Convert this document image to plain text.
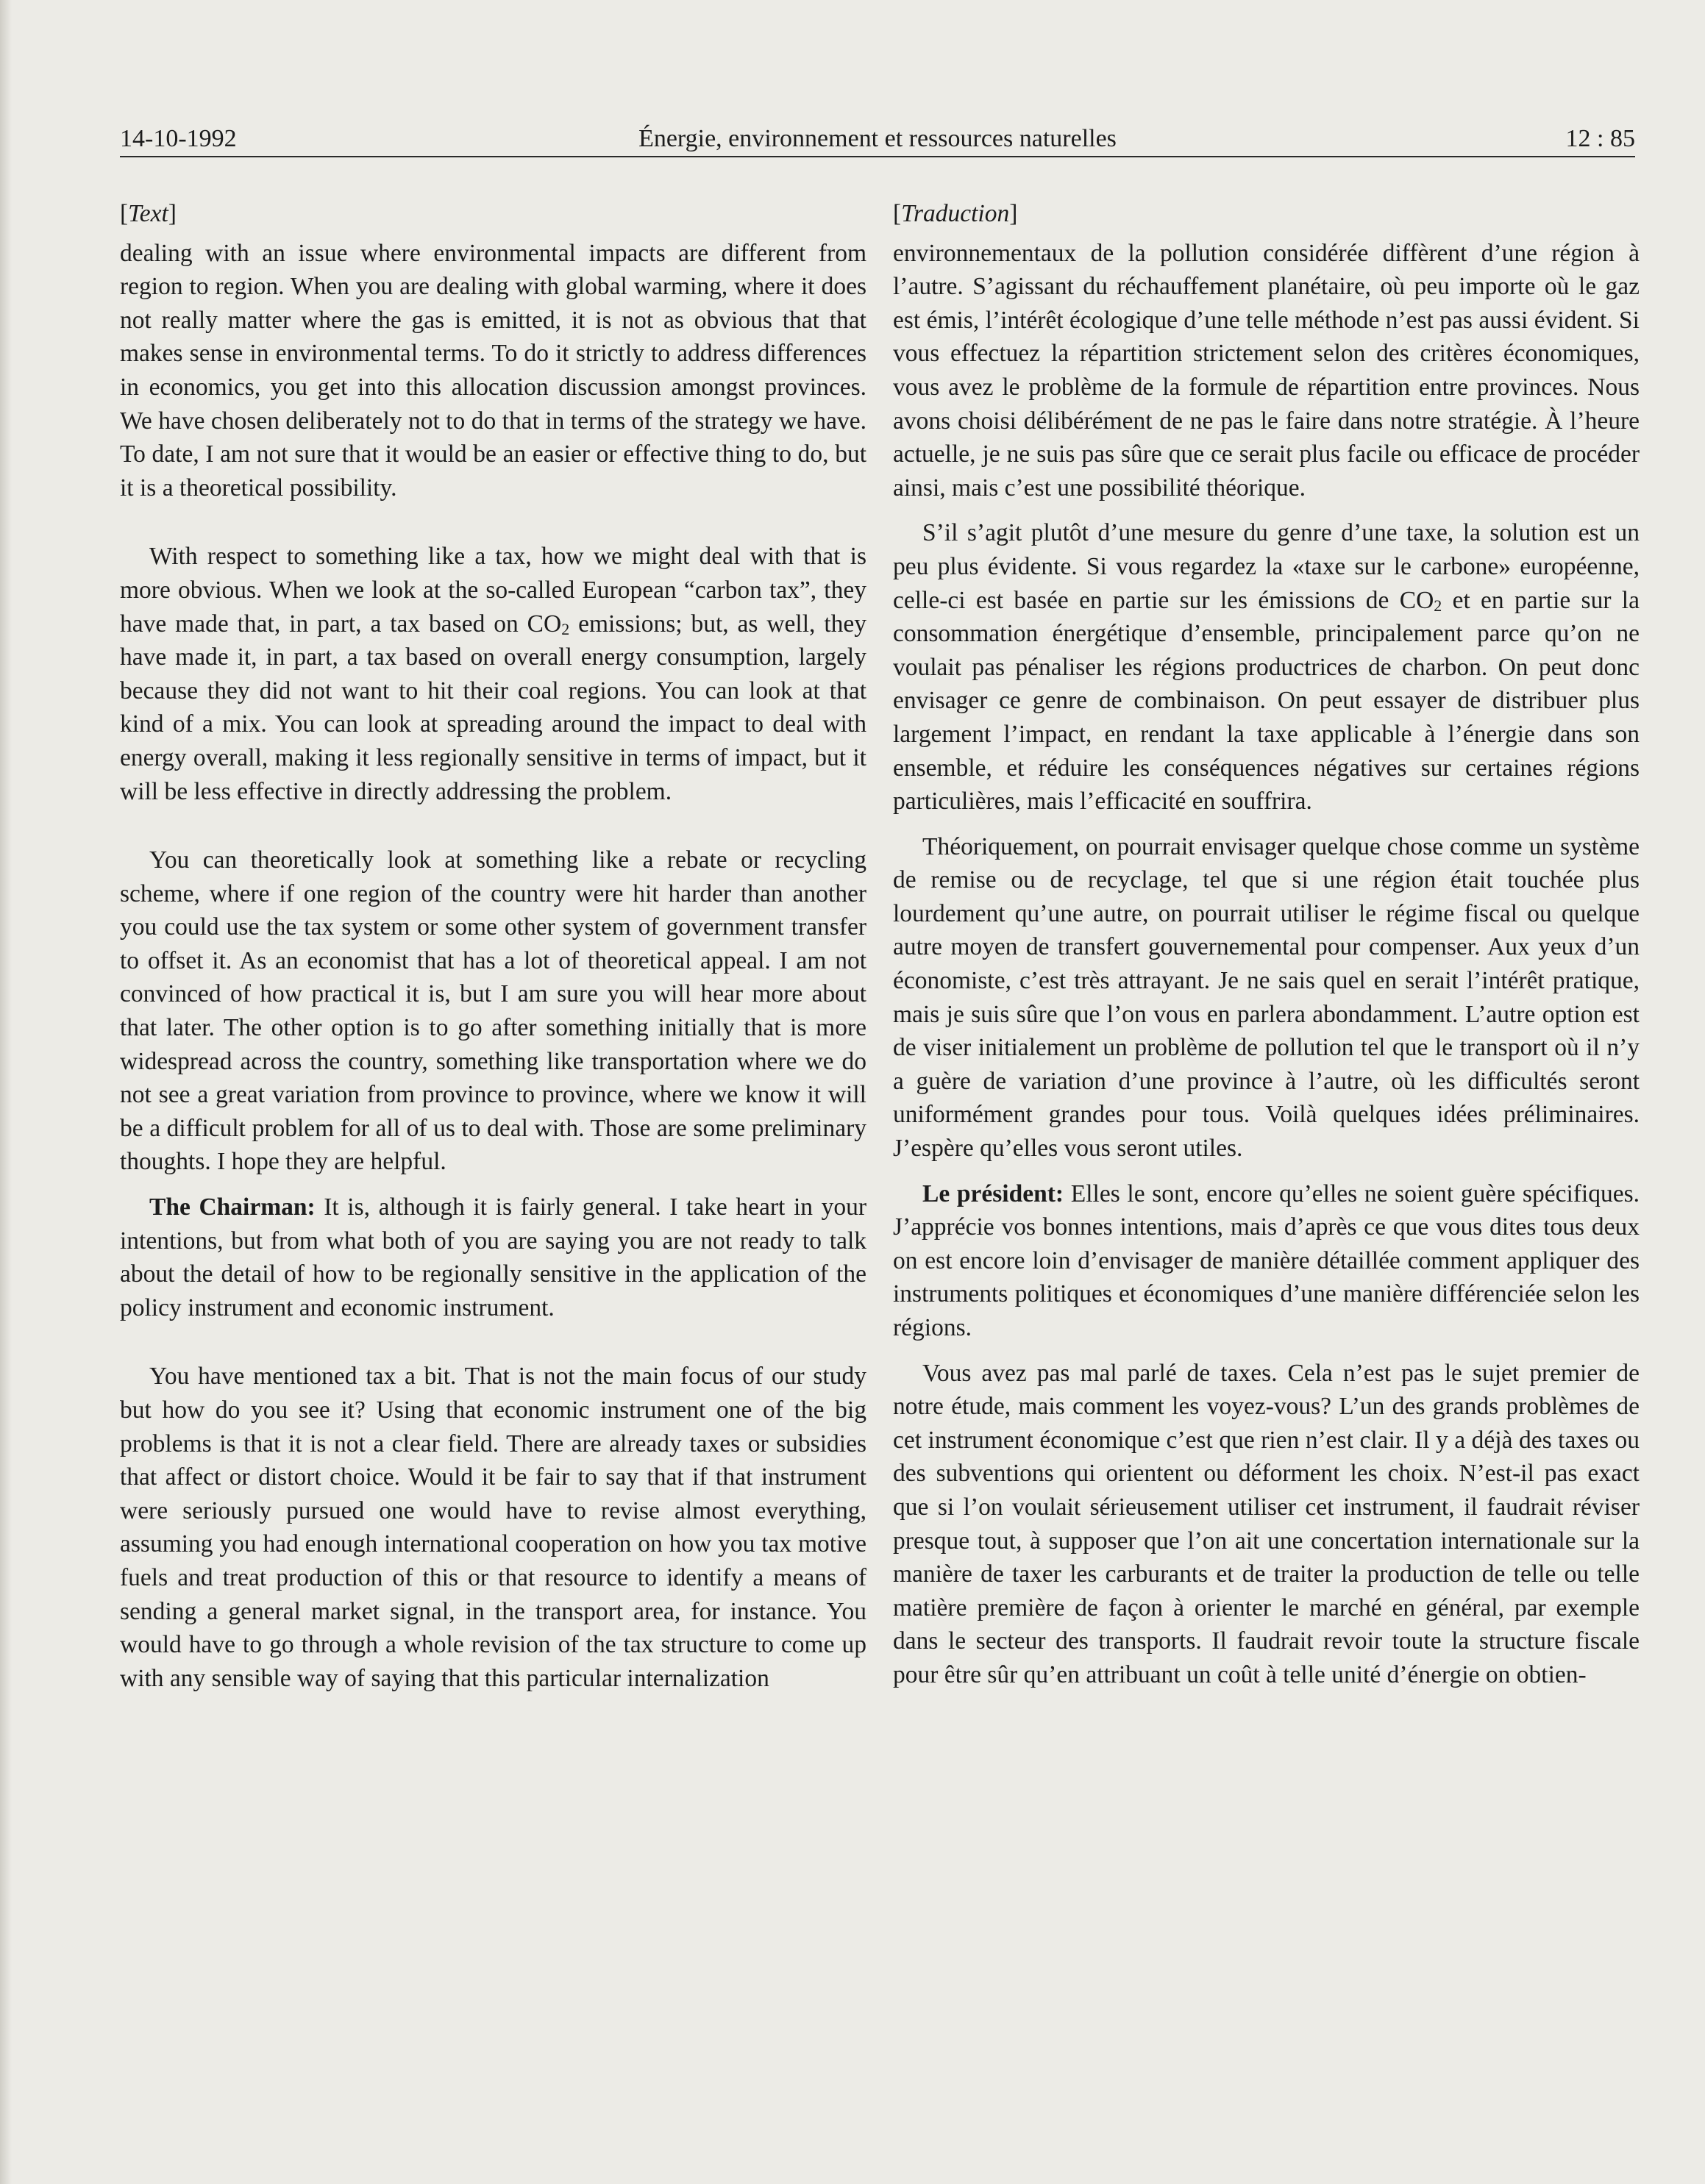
14-10-1992	Énergie, environnement et ressources naturelles	12 : 85

[Text]

dealing with an issue where environmental impacts are different from region to region. When you are dealing with global warming, where it does not really matter where the gas is emitted, it is not as obvious that that makes sense in environmental terms. To do it strictly to address differences in economics, you get into this allocation discussion amongst provinces. We have chosen deliberately not to do that in terms of the strategy we have. To date, I am not sure that it would be an easier or effective thing to do, but it is a theoretical possibility.

With respect to something like a tax, how we might deal with that is more obvious. When we look at the so-called European “carbon tax”, they have made that, in part, a tax based on $CO_2$ emissions; but, as well, they have made it, in part, a tax based on overall energy consumption, largely because they did not want to hit their coal regions. You can look at that kind of a mix. You can look at spreading around the impact to deal with energy overall, making it less regionally sensitive in terms of impact, but it will be less effective in directly addressing the problem.

You can theoretically look at something like a rebate or recycling scheme, where if one region of the country were hit harder than another you could use the tax system or some other system of government transfer to offset it. As an economist that has a lot of theoretical appeal. I am not convinced of how practical it is, but I am sure you will hear more about that later. The other option is to go after something initially that is more widespread across the country, something like transportation where we do not see a great variation from province to province, where we know it will be a difficult problem for all of us to deal with. Those are some preliminary thoughts. I hope they are helpful.

The Chairman: It is, although it is fairly general. I take heart in your intentions, but from what both of you are saying you are not ready to talk about the detail of how to be regionally sensitive in the application of the policy instrument and economic instrument.

You have mentioned tax a bit. That is not the main focus of our study but how do you see it? Using that economic instrument one of the big problems is that it is not a clear field. There are already taxes or subsidies that affect or distort choice. Would it be fair to say that if that instrument were seriously pursued one would have to revise almost everything, assuming you had enough international cooperation on how you tax motive fuels and treat production of this or that resource to identify a means of sending a general market signal, in the transport area, for instance. You would have to go through a whole revision of the tax structure to come up with any sensible way of saying that this particular internalization

[Traduction]

environnementaux de la pollution considérée diffèrent d’une région à l’autre. S’agissant du réchauffement planétaire, où peu importe où le gaz est émis, l’intérêt écologique d’une telle méthode n’est pas aussi évident. Si vous effectuez la répartition strictement selon des critères économiques, vous avez le problème de la formule de répartition entre provinces. Nous avons choisi délibérément de ne pas le faire dans notre stratégie. À l’heure actuelle, je ne suis pas sûre que ce serait plus facile ou efficace de procéder ainsi, mais c’est une possibilité théorique.

S’il s’agit plutôt d’une mesure du genre d’une taxe, la solution est un peu plus évidente. Si vous regardez la «taxe sur le carbone» européenne, celle-ci est basée en partie sur les émissions de $CO_2$ et en partie sur la consommation énergétique d’ensemble, principalement parce qu’on ne voulait pas pénaliser les régions productrices de charbon. On peut donc envisager ce genre de combinaison. On peut essayer de distribuer plus largement l’impact, en rendant la taxe applicable à l’énergie dans son ensemble, et réduire les conséquences négatives sur certaines régions particulières, mais l’efficacité en souffrira.

Théoriquement, on pourrait envisager quelque chose comme un système de remise ou de recyclage, tel que si une région était touchée plus lourdement qu’une autre, on pourrait utiliser le régime fiscal ou quelque autre moyen de transfert gouvernemental pour compenser. Aux yeux d’un économiste, c’est très attrayant. Je ne sais quel en serait l’intérêt pratique, mais je suis sûre que l’on vous en parlera abondamment. L’autre option est de viser initialement un problème de pollution tel que le transport où il n’y a guère de variation d’une province à l’autre, où les difficultés seront uniformément grandes pour tous. Voilà quelques idées préliminaires. J’espère qu’elles vous seront utiles.

Le président: Elles le sont, encore qu’elles ne soient guère spécifiques. J’apprécie vos bonnes intentions, mais d’après ce que vous dites tous deux on est encore loin d’envisager de manière détaillée comment appliquer des instruments politiques et économiques d’une manière différenciée selon les régions.

Vous avez pas mal parlé de taxes. Cela n’est pas le sujet premier de notre étude, mais comment les voyez-vous? L’un des grands problèmes de cet instrument économique c’est que rien n’est clair. Il y a déjà des taxes ou des subventions qui orientent ou déforment les choix. N’est-il pas exact que si l’on voulait sérieusement utiliser cet instrument, il faudrait réviser presque tout, à supposer que l’on ait une concertation internationale sur la manière de taxer les carburants et de traiter la production de telle ou telle matière première de façon à orienter le marché en général, par exemple dans le secteur des transports. Il faudrait revoir toute la structure fiscale pour être sûr qu’en attribuant un coût à telle unité d’énergie on obtien-
